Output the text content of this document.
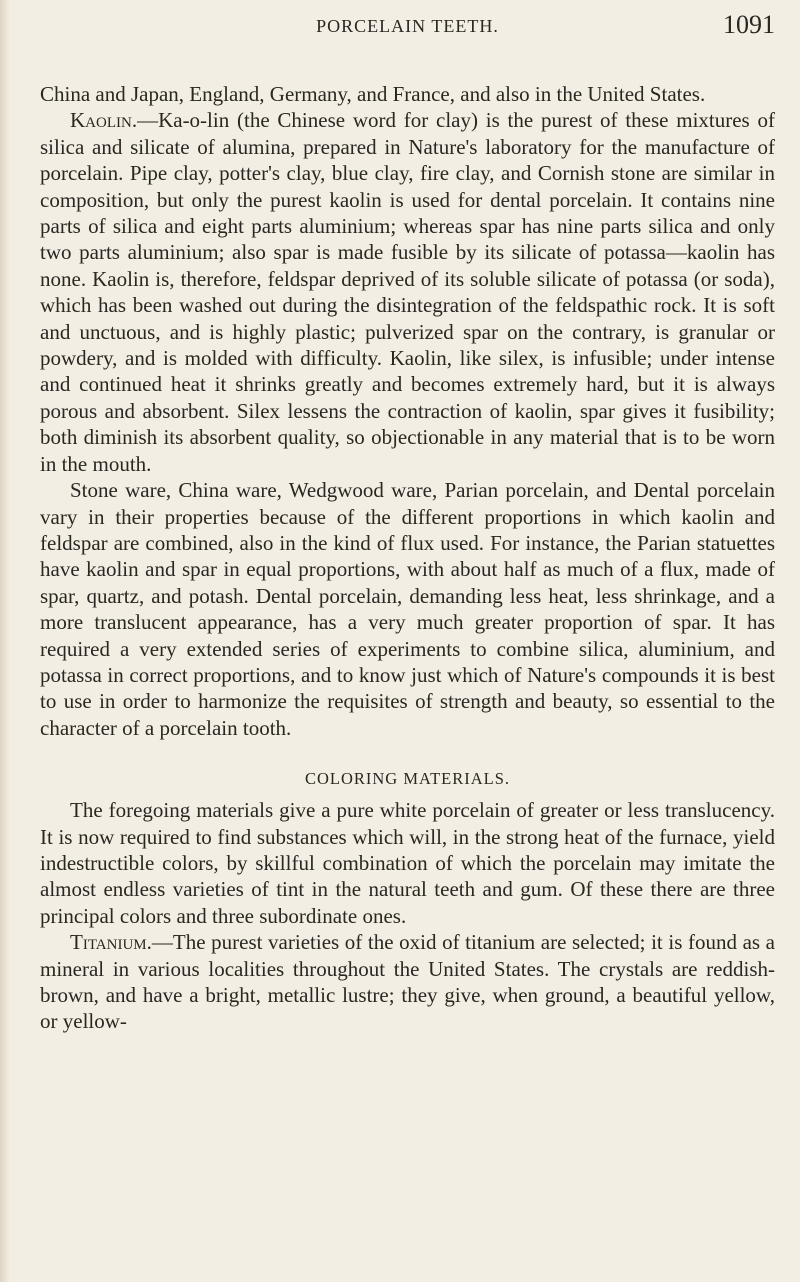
PORCELAIN TEETH.	1091

China and Japan, England, Germany, and France, and also in the United States.

Kaolin.—Ka-o-lin (the Chinese word for clay) is the purest of these mixtures of silica and silicate of alumina, prepared in Nature's laboratory for the manufacture of porcelain. Pipe clay, potter's clay, blue clay, fire clay, and Cornish stone are similar in composition, but only the purest kaolin is used for dental porcelain. It contains nine parts of silica and eight parts aluminium; whereas spar has nine parts silica and only two parts aluminium; also spar is made fusible by its silicate of potassa—kaolin has none. Kaolin is, therefore, feldspar deprived of its soluble silicate of potassa (or soda), which has been washed out during the disintegration of the feldspathic rock. It is soft and unctuous, and is highly plastic; pulverized spar on the contrary, is granular or powdery, and is molded with difficulty. Kaolin, like silex, is infusible; under intense and continued heat it shrinks greatly and becomes extremely hard, but it is always porous and absorbent. Silex lessens the contraction of kaolin, spar gives it fusibility; both diminish its absorbent quality, so objectionable in any material that is to be worn in the mouth.

Stone ware, China ware, Wedgwood ware, Parian porcelain, and Dental porcelain vary in their properties because of the different proportions in which kaolin and feldspar are combined, also in the kind of flux used. For instance, the Parian statuettes have kaolin and spar in equal proportions, with about half as much of a flux, made of spar, quartz, and potash. Dental porcelain, demanding less heat, less shrinkage, and a more translucent appearance, has a very much greater proportion of spar. It has required a very extended series of experiments to combine silica, aluminium, and potassa in correct proportions, and to know just which of Nature's compounds it is best to use in order to harmonize the requisites of strength and beauty, so essential to the character of a porcelain tooth.

COLORING MATERIALS.

The foregoing materials give a pure white porcelain of greater or less translucency. It is now required to find substances which will, in the strong heat of the furnace, yield indestructible colors, by skillful combination of which the porcelain may imitate the almost endless varieties of tint in the natural teeth and gum. Of these there are three principal colors and three subordinate ones.

Titanium.—The purest varieties of the oxid of titanium are selected; it is found as a mineral in various localities throughout the United States. The crystals are reddish-brown, and have a bright, metallic lustre; they give, when ground, a beautiful yellow, or yellow-
